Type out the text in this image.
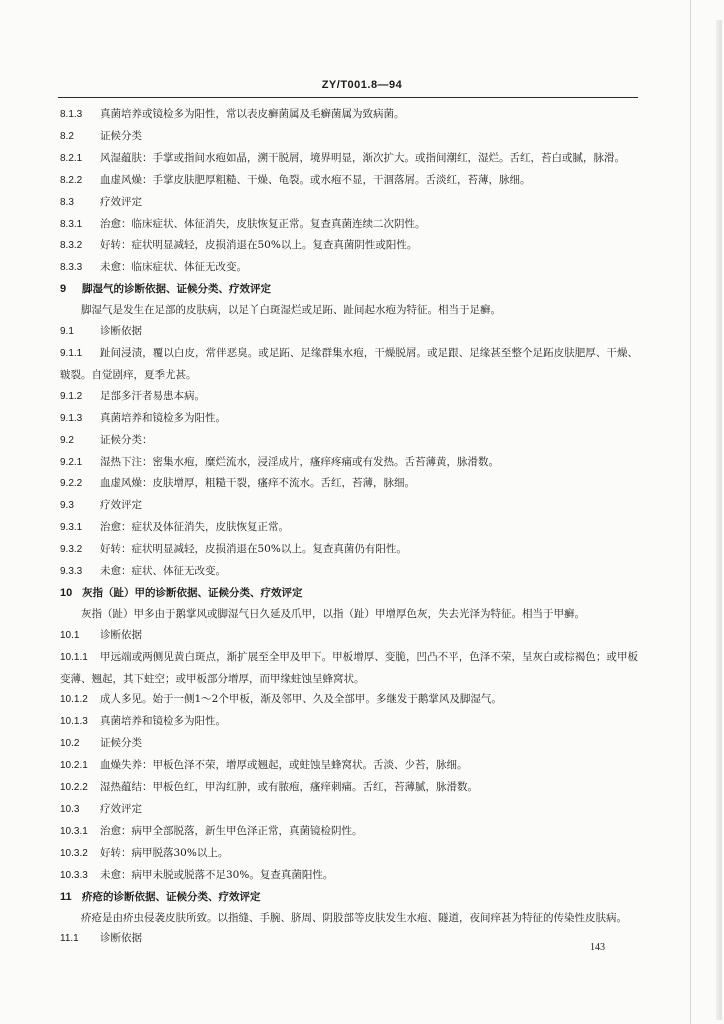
ZY/T001.8—94
8.1.3 真菌培养或镜检多为阳性，常以表皮癣菌属及毛癣菌属为致病菌。
8.2 证候分类
8.2.1 风湿蕴肤：手掌或指间水疱如晶，溯干脱屑，境界明显，渐次扩大。或指间潮红，湿烂。舌红，苔白或腻，脉滑。
8.2.2 血虚风燥：手掌皮肤肥厚粗糙、干燥、龟裂。或水疱不显，干涸落屑。舌淡红，苔薄，脉细。
8.3 疗效评定
8.3.1 治愈：临床症状、体征消失，皮肤恢复正常。复查真菌连续二次阴性。
8.3.2 好转：症状明显减轻，皮损消退在50%以上。复查真菌阴性或阳性。
8.3.3 未愈：临床症状、体征无改变。
9 脚湿气的诊断依据、证候分类、疗效评定
脚湿气是发生在足部的皮肤病，以足丫白斑湿烂或足跖、趾间起水疱为特征。相当于足癣。
9.1 诊断依据
9.1.1 趾间浸渍，覆以白皮，常伴恶臭。或足跖、足缘群集水疱，干燥脱屑。或足跟、足缘甚至整个足跖皮肤肥厚、干燥、皲裂。自觉剧痒，夏季尤甚。
9.1.2 足部多汗者易患本病。
9.1.3 真菌培养和镜检多为阳性。
9.2 证候分类：
9.2.1 湿热下注：密集水疱，糜烂流水，浸淫成片，瘙痒疼痛或有发热。舌苔薄黄，脉滑数。
9.2.2 血虚风燥：皮肤增厚，粗糙干裂，瘙痒不流水。舌红，苔薄，脉细。
9.3 疗效评定
9.3.1 治愈：症状及体征消失，皮肤恢复正常。
9.3.2 好转：症状明显减轻，皮损消退在50%以上。复查真菌仍有阳性。
9.3.3 未愈：症状、体征无改变。
10 灰指（趾）甲的诊断依据、证候分类、疗效评定
灰指（趾）甲多由于鹅掌风或脚湿气日久延及爪甲，以指（趾）甲增厚色灰，失去光泽为特征。相当于甲癣。
10.1 诊断依据
10.1.1 甲远端或两侧见黄白斑点，渐扩展至全甲及甲下。甲板增厚、变脆，凹凸不平，色泽不荣，呈灰白或棕褐色；或甲板变薄、翘起，其下蛀空；或甲板部分增厚，而甲缘蛀蚀呈蜂窝状。
10.1.2 成人多见。始于一侧1～2个甲板，渐及邻甲、久及全部甲。多继发于鹅掌风及脚湿气。
10.1.3 真菌培养和镜检多为阳性。
10.2 证候分类
10.2.1 血燥失养：甲板色泽不荣，增厚或翘起，或蛀蚀呈蜂窝状。舌淡、少苔，脉细。
10.2.2 湿热蕴结：甲板色红，甲沟红肿，或有脓疱，瘙痒刺痛。舌红，苔薄腻，脉滑数。
10.3 疗效评定
10.3.1 治愈：病甲全部脱落，新生甲色泽正常，真菌镜检阴性。
10.3.2 好转：病甲脱落30%以上。
10.3.3 未愈：病甲未脱或脱落不足30%。复查真菌阳性。
11 疥疮的诊断依据、证候分类、疗效评定
疥疮是由疥虫侵袭皮肤所致。以指缝、手腕、脐周、阴股部等皮肤发生水疱、隧道，夜间痒甚为特征的传染性皮肤病。
11.1 诊断依据
143
